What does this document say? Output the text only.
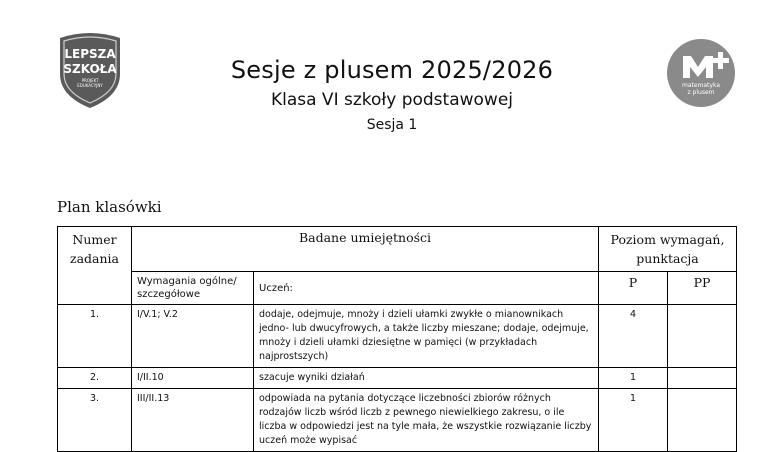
LEPSZA
SZKOŁA
PROJEKT
EDUKACYJNY	matematyka
z plusem
Sesje z plusem 2025/2026
Klasa VI szkoły podstawowej
Sesja 1
Plan klasówki
Numer zadania	Badane umiejętności		Poziom wymagań, punktacja	
	Wymagania ogólne/ szczegółowe	Uczeń:	P	PP
1.	I/V.1; V.2	dodaje, odejmuje, mnoży i dzieli ułamki zwykłe o mianownikach jedno- lub dwucyfrowych, a także liczby mieszane; dodaje, odejmuje, mnoży i dzieli ułamki dziesiętne w pamięci (w przykładach najprostszych)	4	
2.	I/II.10	szacuje wyniki działań	1	
3.	III/II.13	odpowiada na pytania dotyczące liczebności zbiorów różnych rodzajów liczb wśród liczb z pewnego niewielkiego zakresu, o ile liczba w odpowiedzi jest na tyle mała, że wszystkie rozwiązanie liczby uczeń może wypisać	1	
